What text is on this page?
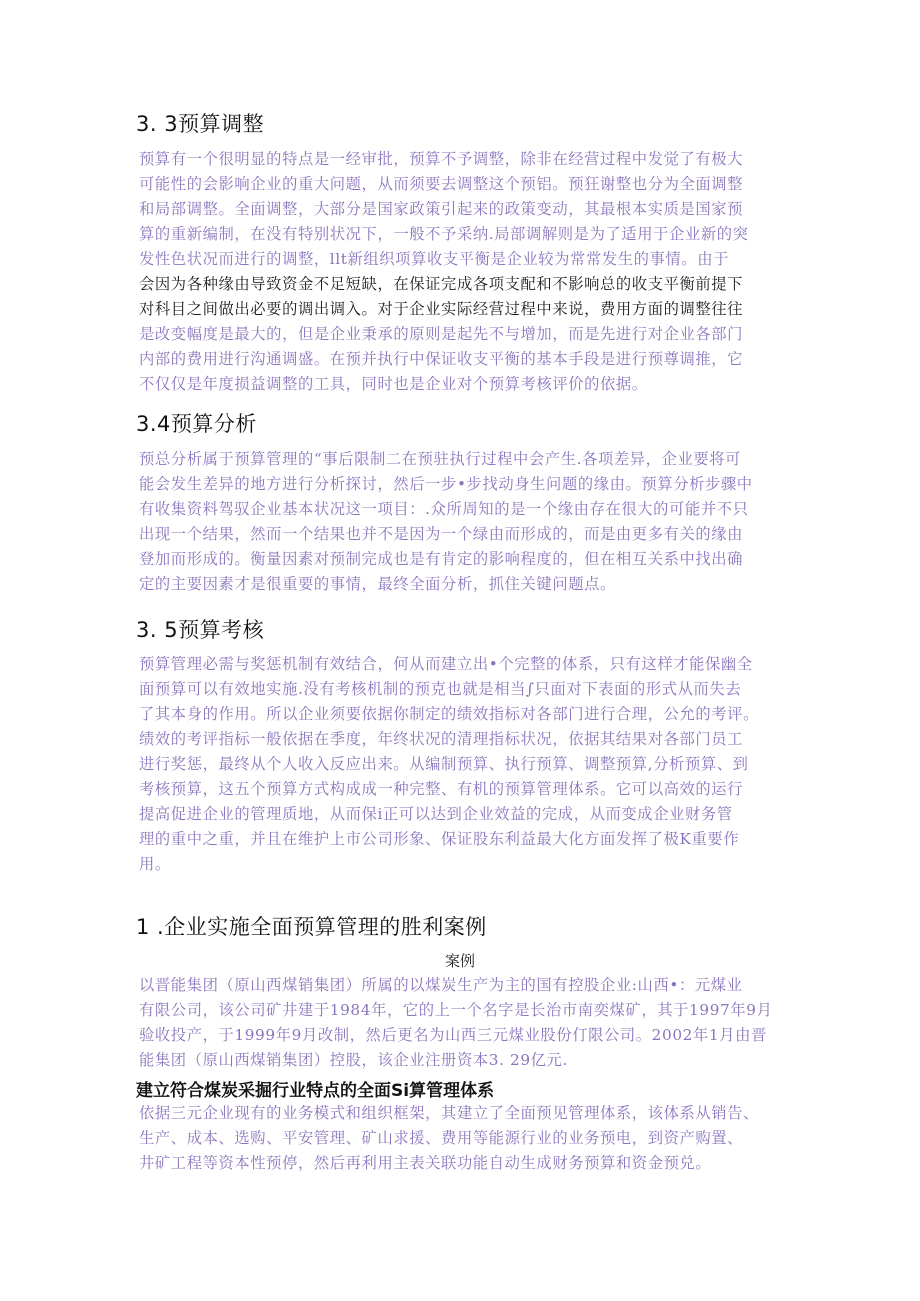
3. 3预算调整
预算有一个很明显的特点是一经审批，预算不予调整，除非在经营过程中发觉了有极大
可能性的会影响企业的重大问题，从而须要去调整这个预铝。预狂谢整也分为全面调整
和局部调整。全面调整，大部分是国家政策引起来的政策变动，其最根本实质是国家预
算的重新编制，在没有特别状况下，一般不予采纳.局部调解则是为了适用于企业新的突
发性色状况而进行的调整，llt新组织项算收支平衡是企业较为常常发生的事情。由于
会因为各种缘由导致资金不足短缺，在保证完成各项支配和不影响总的收支平衡前提下
对科目之间做出必要的调出调入。对于企业实际经营过程中来说，费用方面的调整往往
是改变幅度是最大的，但是企业秉承的原则是起先不与增加，而是先进行对企业各部门
内部的费用进行沟通调盛。在预并执行中保证收支平衡的基本手段是进行预尊调推，它
不仅仅是年度损益调整的工具，同时也是企业对个预算考核评价的依据。
3.4预算分析
预总分析属于预算管理的“事后限制二在预驻执行过程中会产生.各项差异，企业要将可
能会发生差异的地方进行分析探讨，然后一步•步找动身生问题的缘由。预算分析步骤中
有收集资料驾驭企业基本状况这一项目：.众所周知的是一个缘由存在很大的可能并不只
出现一个结果，然而一个结果也并不是因为一个绿由而形成的，而是由更多有关的缘由
登加而形成的。衡量因素对预制完成也是有肯定的影响程度的，但在相互关系中找出确
定的主要因素才是很重要的事情，最终全面分析，抓住关键问题点。
3. 5预算考核
预算管理必需与奖惩机制有效结合，何从而建立出•个完整的体系，只有这样才能保幽全
面预算可以有效地实施.没有考核机制的预克也就是相当∫只面对下表面的形式从而失去
了其本身的作用。所以企业须要依据你制定的绩效指标对各部门进行合理，公允的考评。
绩效的考评指标一般依据在季度，年终状况的清理指标状况，依据其结果对各部门员工
进行奖惩，最终从个人收入反应出来。从编制预算、执行预算、调整预算,分析预算、到
考核预算，这五个预算方式构成成一种完整、有机的预算管理体系。它可以高效的运行
提高促进企业的管理质地，从而保i正可以达到企业效益的完成，从而变成企业财务管
理的重中之重，并且在维护上市公司形象、保证股东利益最大化方面发挥了极K重要作
用。
1 .企业实施全面预算管理的胜利案例
案例
以晋能集团（原山西煤销集团）所属的以煤炭生产为主的国有控股企业:山西•：元煤业
有限公司，该公司矿井建于1984年，它的上一个名字是长治市南奕煤矿，其于1997年9月
验收投产，于1999年9月改制，然后更名为山西三元煤业股份仃限公司。2002年1月由晋
能集团（原山西煤销集团）控股，该企业注册资本3. 29亿元.
建立符合煤炭采掘行业特点的全面Si算管理体系
依据三元企业现有的业务模式和组织框架，其建立了全面预见管理体系，该体系从销告、
生产、成本、选购、平安管理、矿山求援、费用等能源行业的业务预电，到资产购置、
井矿工程等资本性预停，然后再利用主表关联功能自动生成财务预算和资金预兑。
